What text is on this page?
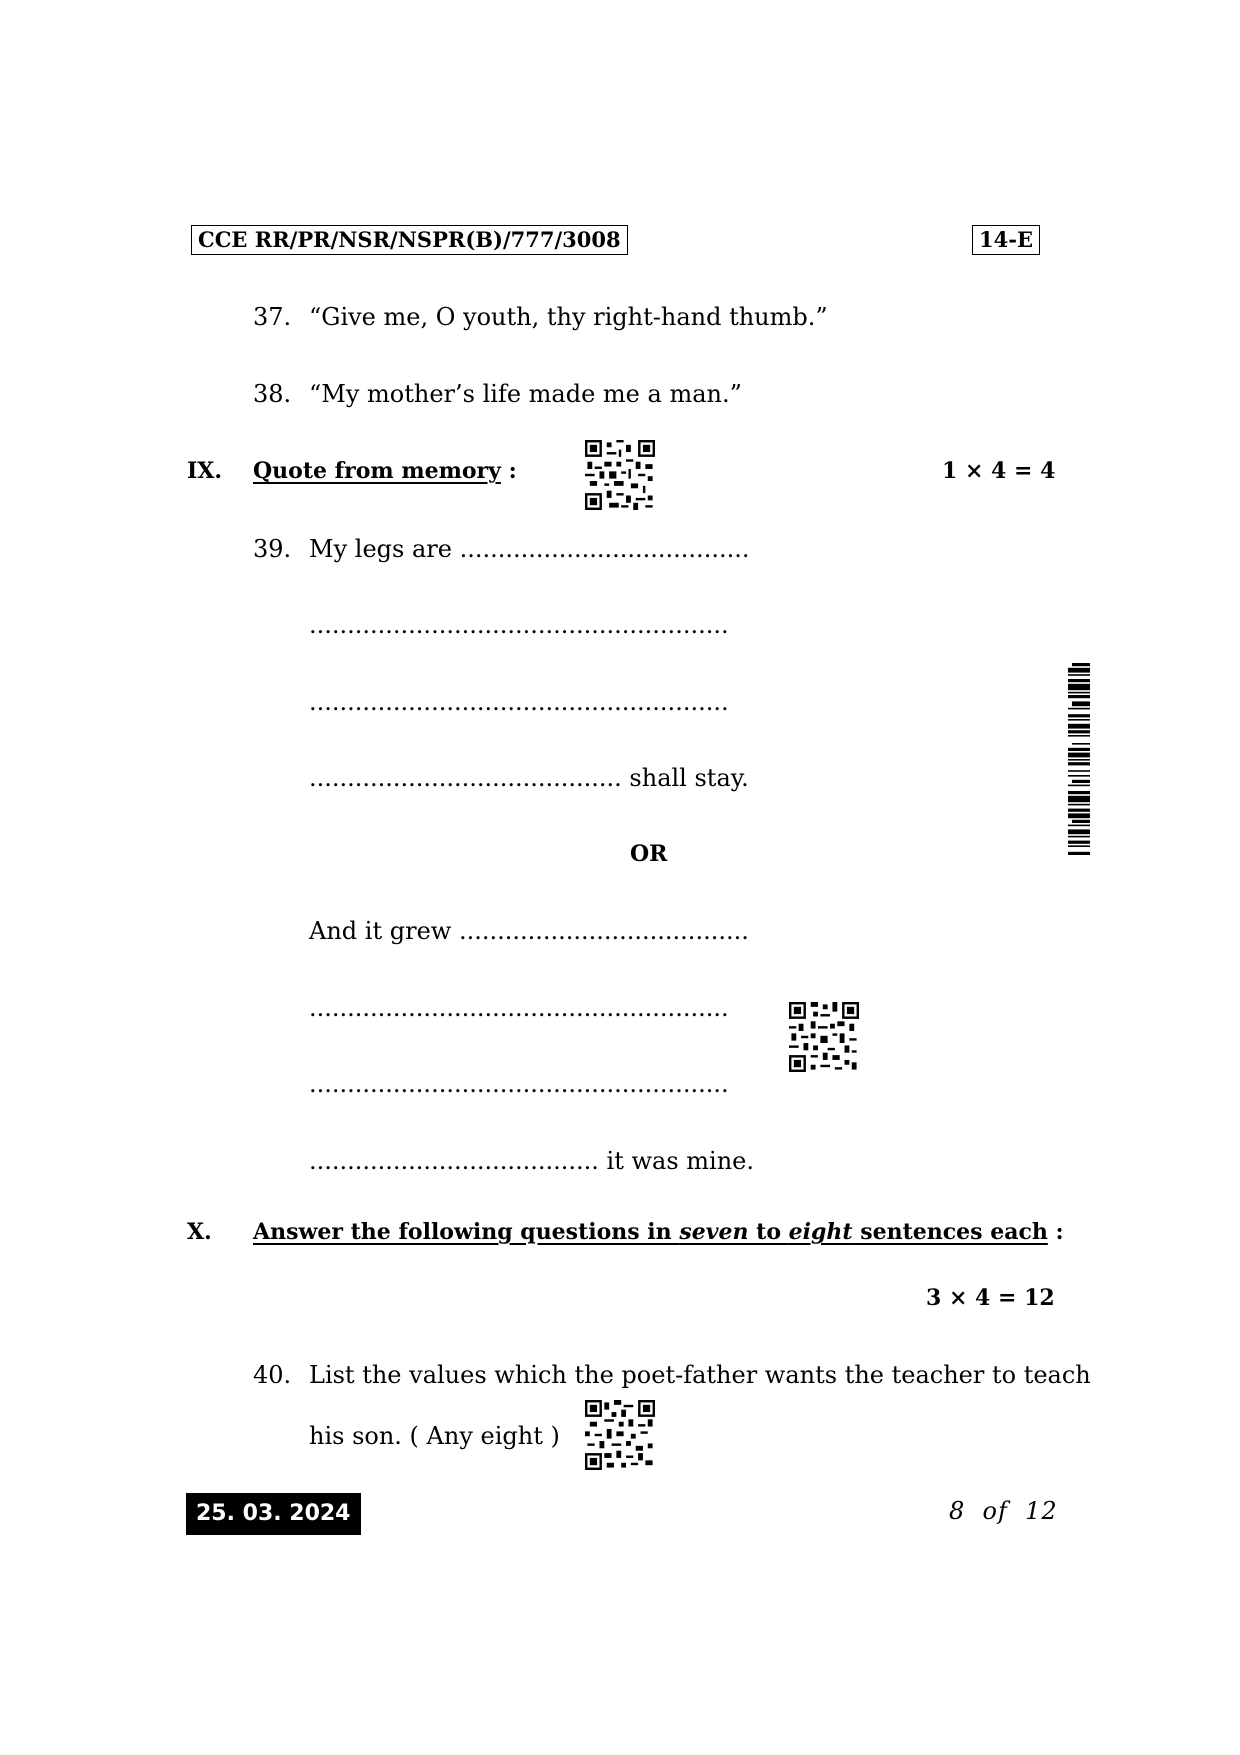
CCE RR/PR/NSR/NSPR(B)/777/3008	14-E
37. “Give me, O youth, thy right-hand thumb.”
38. “My mother’s life made me a man.”
IX. Quote from memory :	1 × 4 = 4
39. My legs are ......................................
.......................................................
.......................................................
......................................... shall stay.
OR
And it grew ......................................
.......................................................
.......................................................
...................................... it was mine.
X. Answer the following questions in seven to eight sentences each :
3 × 4 = 12
40. List the values which the poet-father wants the teacher to teach
his son. ( Any eight )
25. 03. 2024	8  of  12
